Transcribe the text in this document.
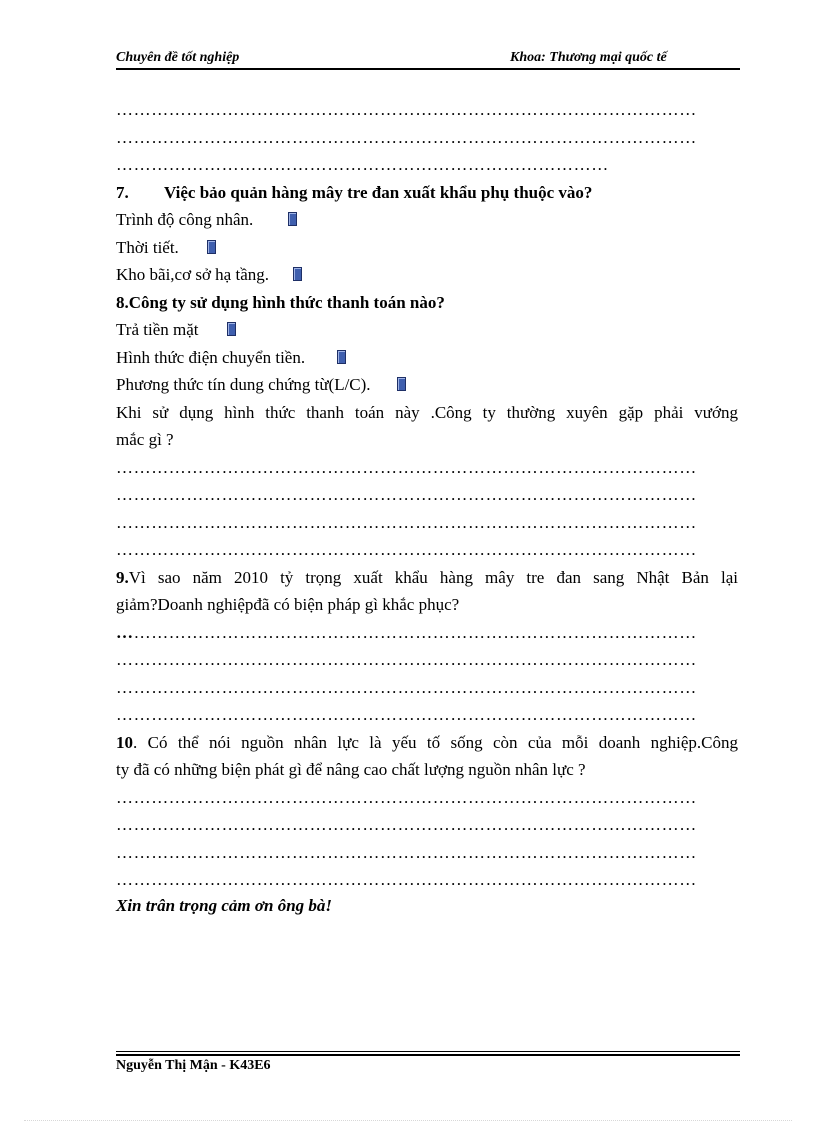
Chuyên đề tốt nghiệp	Khoa: Thương mại quốc tế
………………………………………………………………………………………
………………………………………………………………………………………
…………………………………………………………………………
7. Việc bảo quản hàng mây tre đan xuất khẩu phụ thuộc vào?
Trình độ công nhân.
Thời tiết.
Kho bãi,cơ sở hạ tầng.
8.Công ty sử dụng hình thức thanh toán nào?
Trả tiền mặt
Hình thức điện chuyển tiền.
Phương thức tín dung chứng từ(L/C).
Khi sử dụng hình thức thanh toán này .Công ty thường xuyên gặp phải vướng
mắc gì ?
………………………………………………………………………………………
………………………………………………………………………………………
………………………………………………………………………………………
………………………………………………………………………………………
9.Vì sao năm 2010 tỷ trọng xuất khẩu hàng mây tre đan sang Nhật Bản lại
giảm?Doanh nghiệpđã có biện pháp gì khắc phục?
………………………………………………………………………………………
………………………………………………………………………………………
………………………………………………………………………………………
………………………………………………………………………………………
10. Có thể nói nguồn nhân lực là yếu tố sống còn của mỗi doanh nghiệp.Công
ty đã có những biện phát gì để nâng cao chất lượng nguồn nhân lực ?
………………………………………………………………………………………
………………………………………………………………………………………
………………………………………………………………………………………
………………………………………………………………………………………
Xin trân trọng cảm ơn ông bà!
Nguyễn Thị Mận - K43E6
